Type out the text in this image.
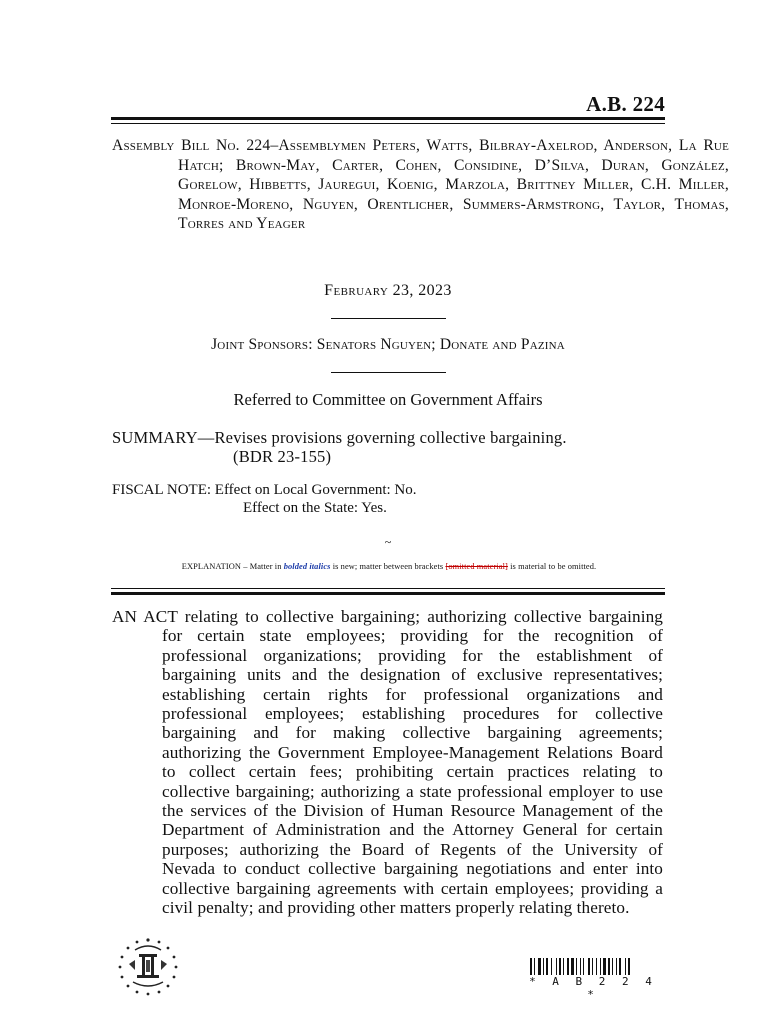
A.B. 224
Assembly Bill No. 224–Assemblymen Peters, Watts, Bilbray-Axelrod, Anderson, La Rue Hatch; Brown-May, Carter, Cohen, Considine, D’Silva, Duran, González, Gorelow, Hibbetts, Jauregui, Koenig, Marzola, Brittney Miller, C.H. Miller, Monroe-Moreno, Nguyen, Orentlicher, Summers-Armstrong, Taylor, Thomas, Torres and Yeager
February 23, 2023
Joint Sponsors: Senators Nguyen; Donate and Pazina
Referred to Committee on Government Affairs
SUMMARY—Revises provisions governing collective bargaining.
(BDR 23-155)
FISCAL NOTE: Effect on Local Government: No.
Effect on the State: Yes.
~
EXPLANATION – Matter in bolded italics is new; matter between brackets [omitted material] is material to be omitted.
AN ACT relating to collective bargaining; authorizing collective bargaining for certain state employees; providing for the recognition of professional organizations; providing for the establishment of bargaining units and the designation of exclusive representatives; establishing certain rights for professional organizations and professional employees; establishing procedures for collective bargaining and for making collective bargaining agreements; authorizing the Government Employee-Management Relations Board to collect certain fees; prohibiting certain practices relating to collective bargaining; authorizing a state professional employer to use the services of the Division of Human Resource Management of the Department of Administration and the Attorney General for certain purposes; authorizing the Board of Regents of the University of Nevada to conduct collective bargaining negotiations and enter into collective bargaining agreements with certain employees; providing a civil penalty; and providing other matters properly relating thereto.
* A B 2 2 4 *
